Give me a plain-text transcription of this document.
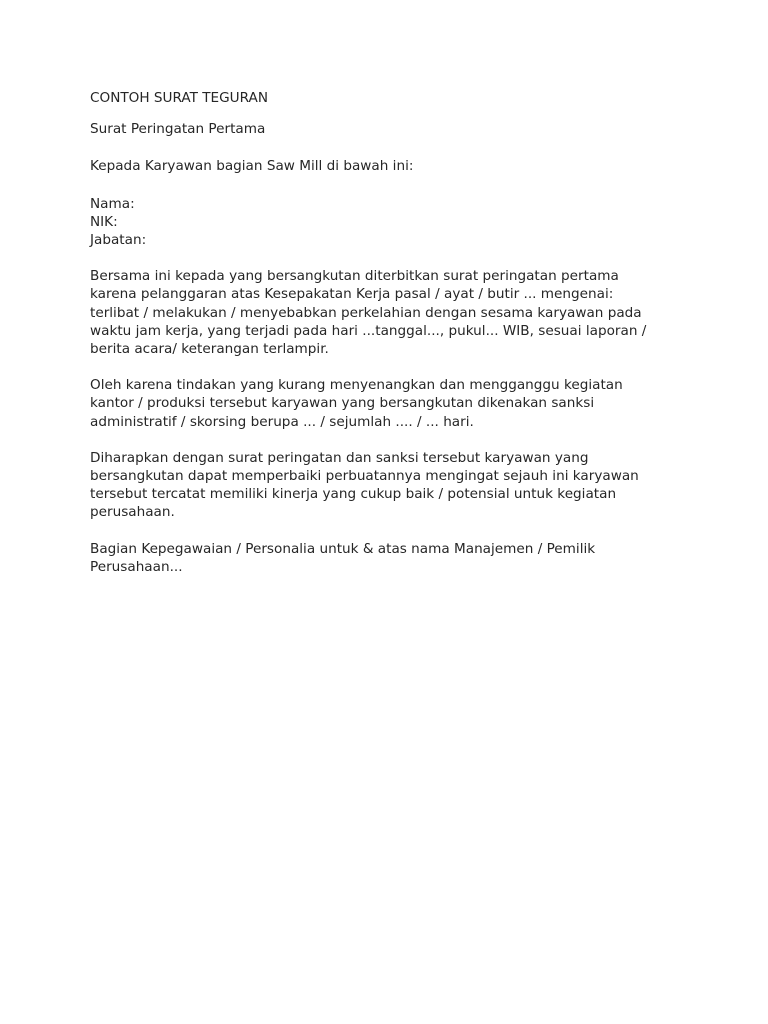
CONTOH SURAT TEGURAN
Surat Peringatan Pertama
Kepada Karyawan bagian Saw Mill di bawah ini:
Nama:
NIK:
Jabatan:
Bersama ini kepada yang bersangkutan diterbitkan surat peringatan pertama
karena pelanggaran atas Kesepakatan Kerja pasal / ayat / butir ... mengenai:
terlibat / melakukan / menyebabkan perkelahian dengan sesama karyawan pada
waktu jam kerja, yang terjadi pada hari ...tanggal..., pukul... WIB, sesuai laporan /
berita acara/ keterangan terlampir.
Oleh karena tindakan yang kurang menyenangkan dan mengganggu kegiatan
kantor / produksi tersebut karyawan yang bersangkutan dikenakan sanksi
administratif / skorsing berupa ... / sejumlah .... / ... hari.
Diharapkan dengan surat peringatan dan sanksi tersebut karyawan yang
bersangkutan dapat memperbaiki perbuatannya mengingat sejauh ini karyawan
tersebut tercatat memiliki kinerja yang cukup baik / potensial untuk kegiatan
perusahaan.
Bagian Kepegawaian / Personalia untuk & atas nama Manajemen / Pemilik
Perusahaan...
